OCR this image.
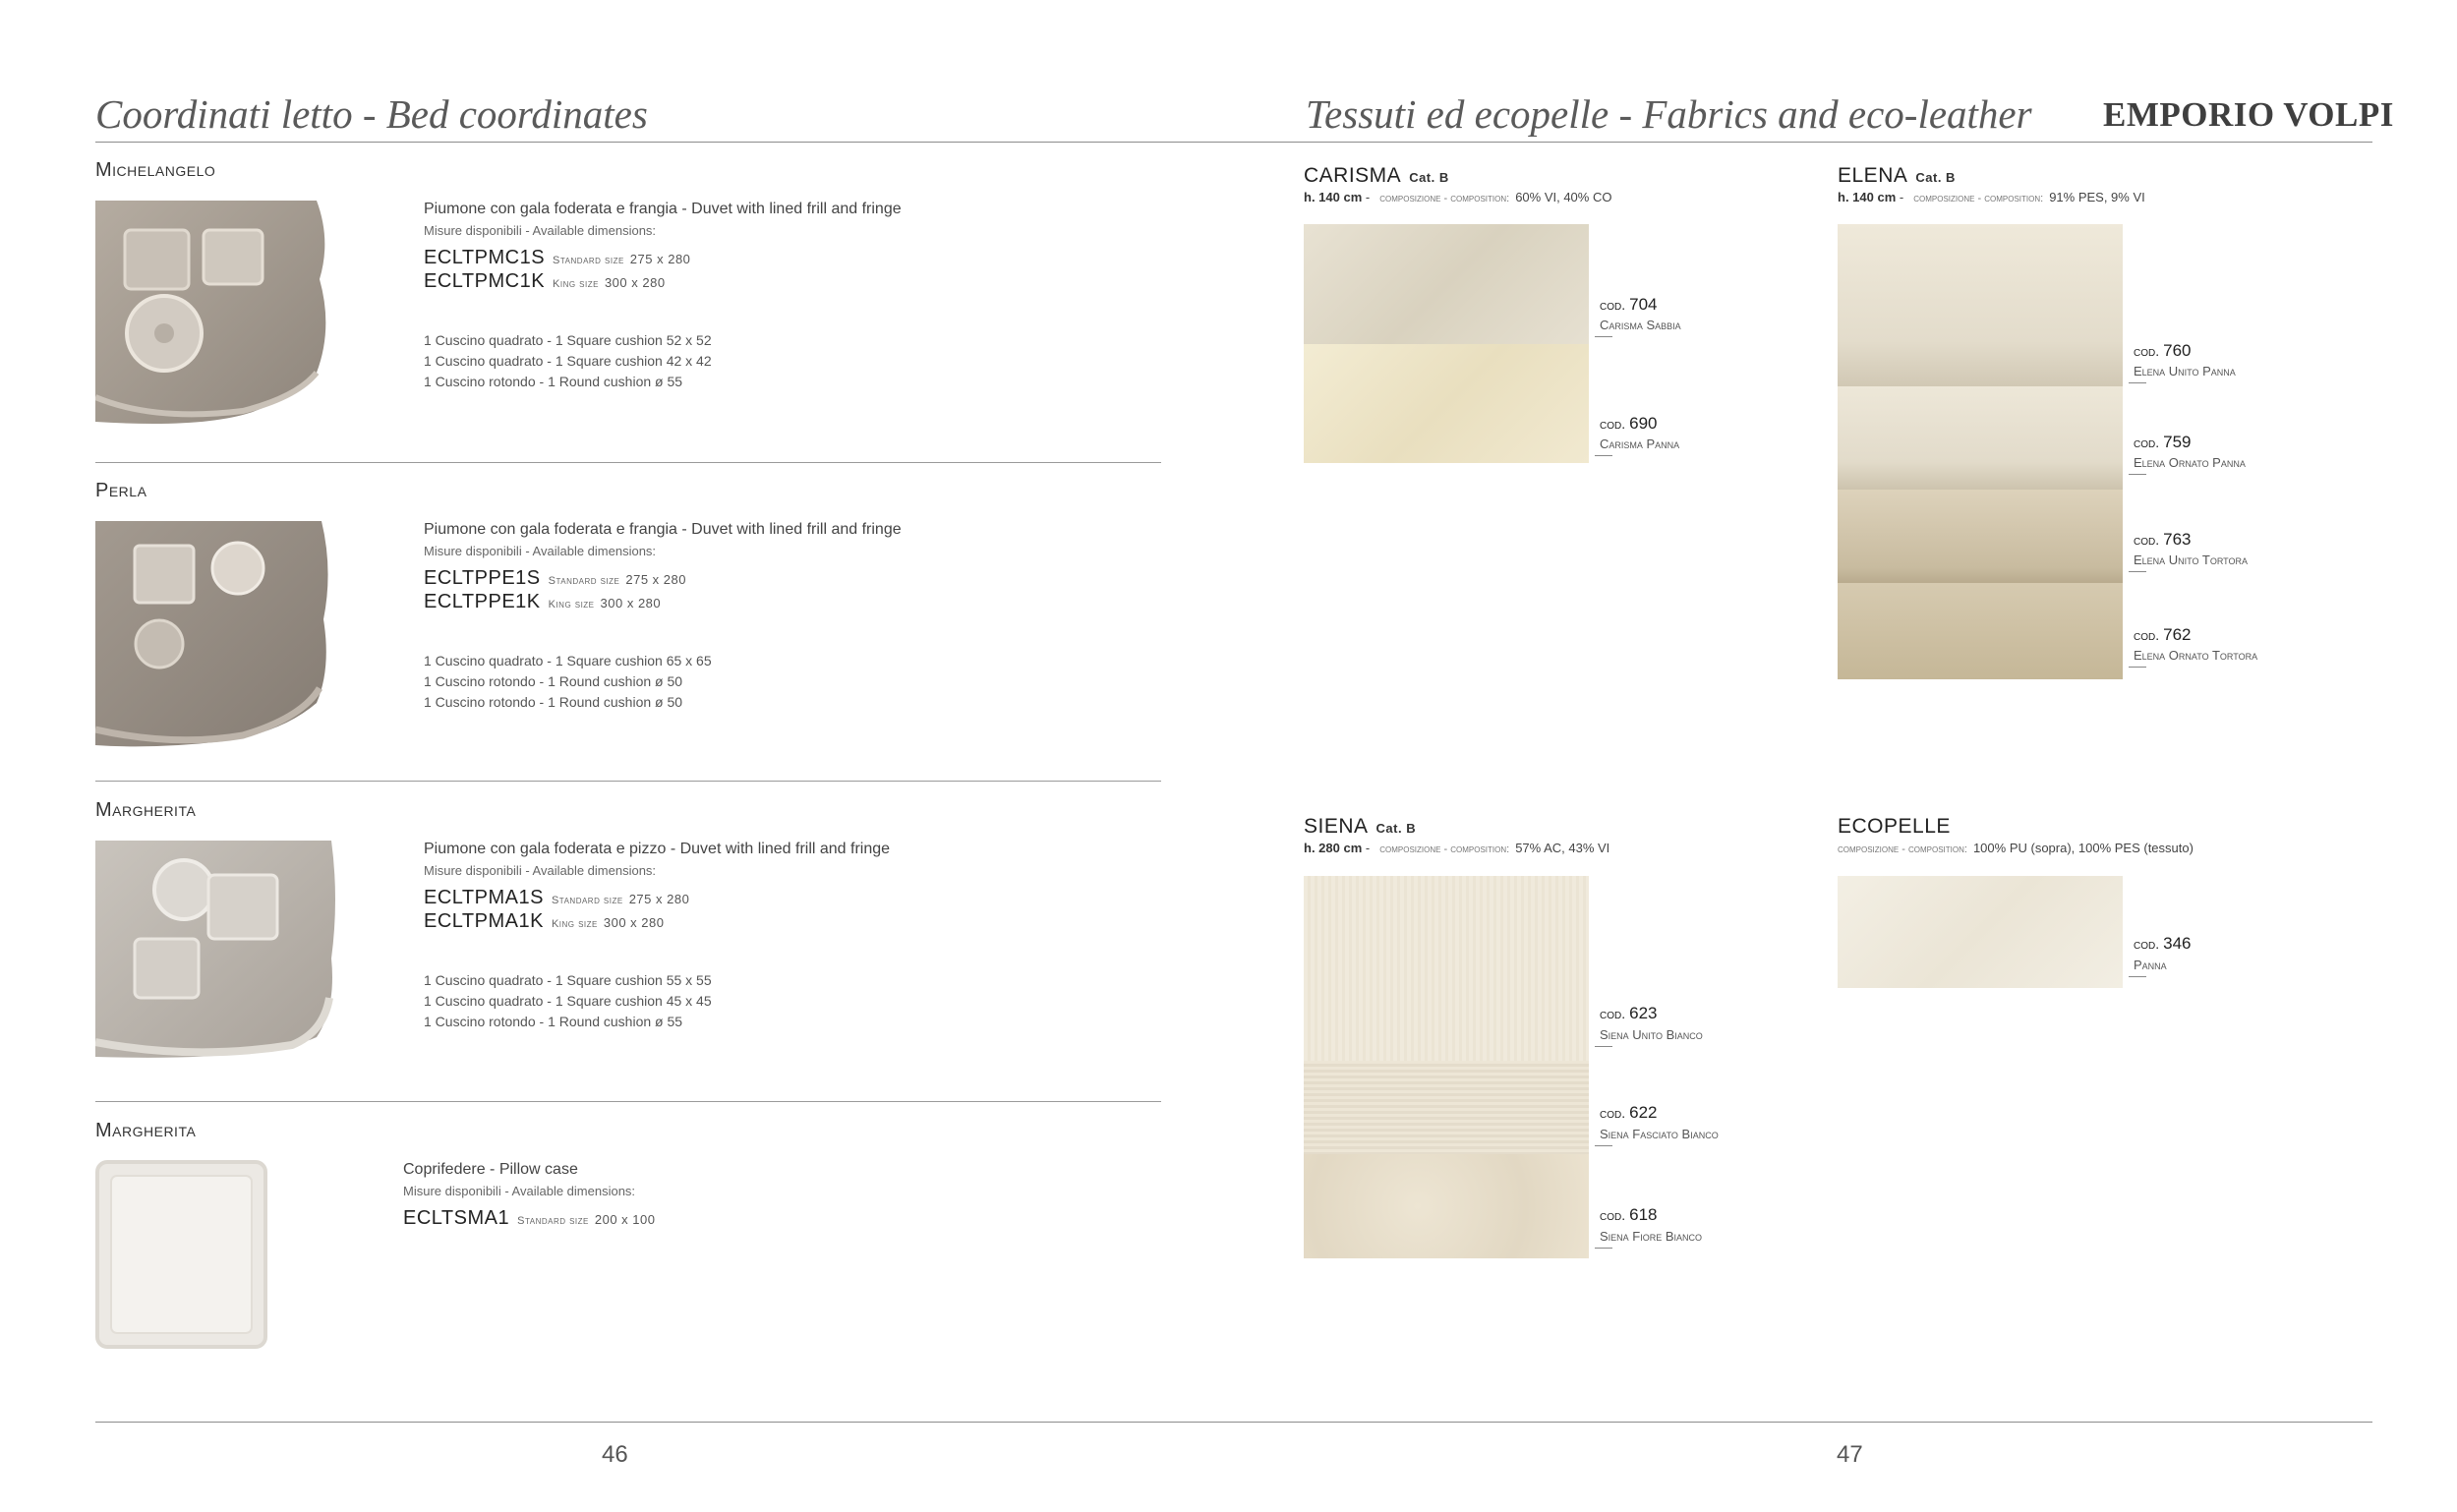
Coordinati letto - Bed coordinates	Tessuti ed ecopelle - Fabrics and eco-leather EMPORIO VOLPI
Michelangelo
Piumone con gala foderata e frangia - Duvet with lined frill and fringe
Misure disponibili - Available dimensions:
ECLTPMC1S Standard size 275 x 280
ECLTPMC1K King size 300 x 280
1 Cuscino quadrato - 1 Square cushion 52 x 52
1 Cuscino quadrato - 1 Square cushion 42 x 42
1 Cuscino rotondo - 1 Round cushion ø 55
Perla
Piumone con gala foderata e frangia - Duvet with lined frill and fringe
Misure disponibili - Available dimensions:
ECLTPPE1S Standard size 275 x 280
ECLTPPE1K King size 300 x 280
1 Cuscino quadrato - 1 Square cushion 65 x 65
1 Cuscino rotondo - 1 Round cushion ø 50
1 Cuscino rotondo - 1 Round cushion ø 50
Margherita
Piumone con gala foderata e pizzo - Duvet with lined frill and fringe
Misure disponibili - Available dimensions:
ECLTPMA1S Standard size 275 x 280
ECLTPMA1K King size 300 x 280
1 Cuscino quadrato - 1 Square cushion 55 x 55
1 Cuscino quadrato - 1 Square cushion 45 x 45
1 Cuscino rotondo - 1 Round cushion ø 55
Margherita
Coprifedere - Pillow case
Misure disponibili - Available dimensions:
ECLTSMA1 Standard size 200 x 100
CARISMA Cat. B
h. 140 cm - composizione - composition: 60% VI, 40% CO
cod. 704
Carisma Sabbia
cod. 690
Carisma Panna
ELENA Cat. B
h. 140 cm - composizione - composition: 91% PES, 9% VI
cod. 760
Elena Unito Panna
cod. 759
Elena Ornato Panna
cod. 763
Elena Unito Tortora
cod. 762
Elena Ornato Tortora
SIENA Cat. B
h. 280 cm - composizione - composition: 57% AC, 43% VI
cod. 623
Siena Unito Bianco
cod. 622
Siena Fasciato Bianco
cod. 618
Siena Fiore Bianco
ECOPELLE
composizione - composition: 100% PU (sopra), 100% PES (tessuto)
cod. 346
Panna
46	47
